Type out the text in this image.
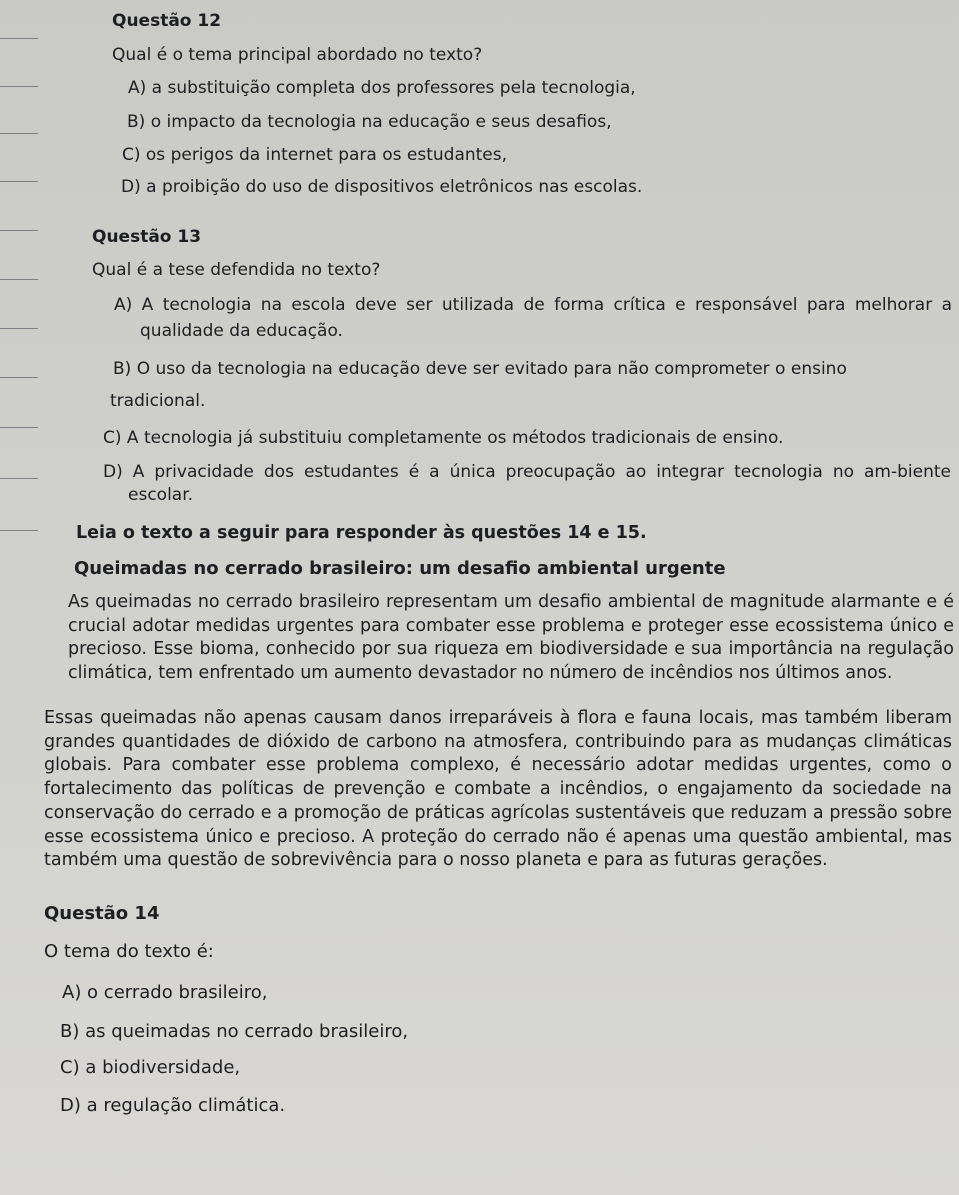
Questão 12
Qual é o tema principal abordado no texto?
A) a substituição completa dos professores pela tecnologia,
B) o impacto da tecnologia na educação e seus desafios,
C) os perigos da internet para os estudantes,
D) a proibição do uso de dispositivos eletrônicos nas escolas.
Questão 13
Qual é a tese defendida no texto?
A) A tecnologia na escola deve ser utilizada de forma crítica e responsável para melhorar a
qualidade da educação.
B) O uso da tecnologia na educação deve ser evitado para não comprometer o ensino
tradicional.
C) A tecnologia já substituiu completamente os métodos tradicionais de ensino.
D) A privacidade dos estudantes é a única preocupação ao integrar tecnologia no am-biente
escolar.
Leia o texto a seguir para responder às questões 14 e 15.
Queimadas no cerrado brasileiro: um desafio ambiental urgente
As queimadas no cerrado brasileiro representam um desafio ambiental de magnitude alarmante e é crucial adotar medidas urgentes para combater esse problema e proteger esse ecossistema único e precioso. Esse bioma, conhecido por sua riqueza em biodiversidade e sua importância na regulação climática, tem enfrentado um aumento devastador no número de incêndios nos últimos anos.
Essas queimadas não apenas causam danos irreparáveis à flora e fauna locais, mas também liberam grandes quantidades de dióxido de carbono na atmosfera, contribuindo para as mudanças climáticas globais. Para combater esse problema complexo, é necessário adotar medidas urgentes, como o fortalecimento das políticas de prevenção e combate a incêndios, o engajamento da sociedade na conservação do cerrado e a promoção de práticas agrícolas sustentáveis que reduzam a pressão sobre esse ecossistema único e precioso. A proteção do cerrado não é apenas uma questão ambiental, mas também uma questão de sobrevivência para o nosso planeta e para as futuras gerações.
Questão 14
O tema do texto é:
A) o cerrado brasileiro,
B) as queimadas no cerrado brasileiro,
C) a biodiversidade,
D) a regulação climática.
